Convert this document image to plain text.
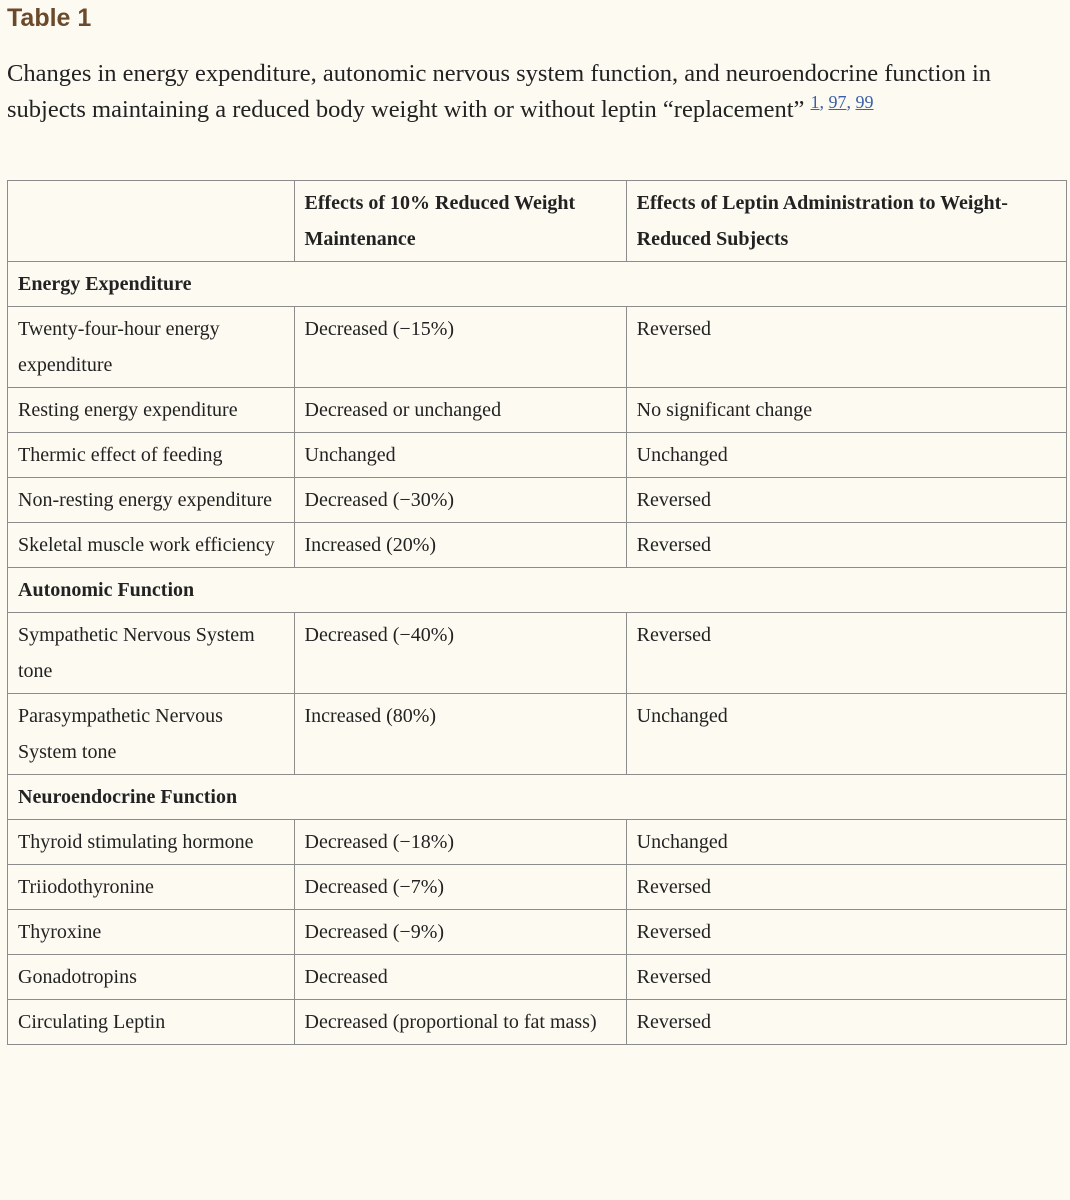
Table 1
Changes in energy expenditure, autonomic nervous system function, and neuroendocrine function in subjects maintaining a reduced body weight with or without leptin “replacement” $^{1, 97, 99}$
	Effects of 10% Reduced Weight Maintenance	Effects of Leptin Administration to Weight-Reduced Subjects
Energy Expenditure		
Twenty-four-hour energy expenditure	Decreased (−15%)	Reversed
Resting energy expenditure	Decreased or unchanged	No significant change
Thermic effect of feeding	Unchanged	Unchanged
Non-resting energy expenditure	Decreased (−30%)	Reversed
Skeletal muscle work efficiency	Increased (20%)	Reversed
Autonomic Function		
Sympathetic Nervous System tone	Decreased (−40%)	Reversed
Parasympathetic Nervous System tone	Increased (80%)	Unchanged
Neuroendocrine Function		
Thyroid stimulating hormone	Decreased (−18%)	Unchanged
Triiodothyronine	Decreased (−7%)	Reversed
Thyroxine	Decreased (−9%)	Reversed
Gonadotropins	Decreased	Reversed
Circulating Leptin	Decreased (proportional to fat mass)	Reversed
